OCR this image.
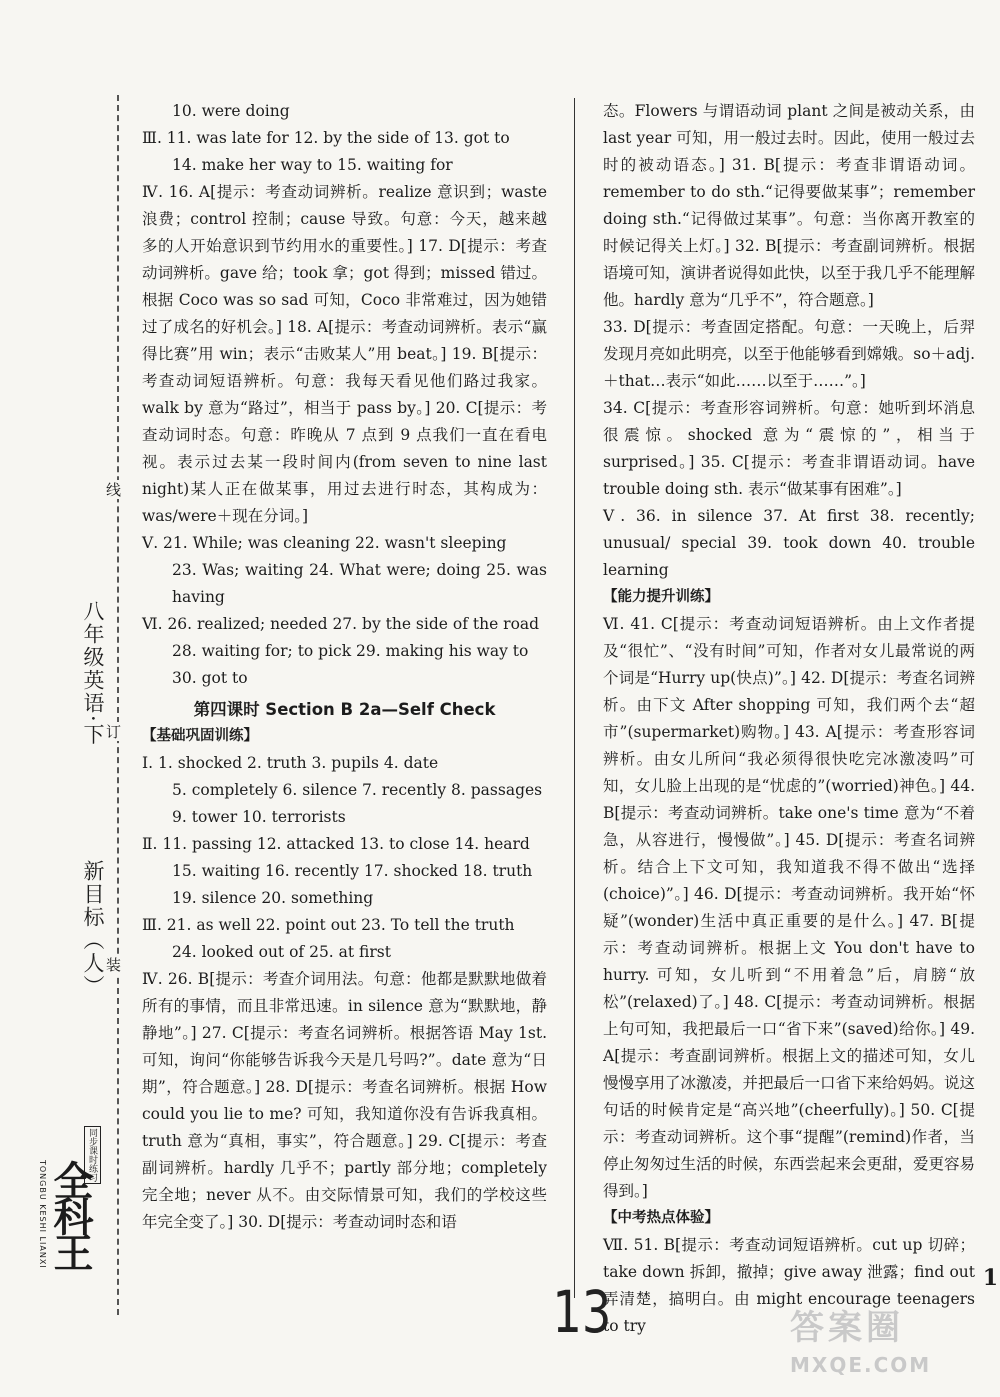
线
订
装
八年级英语·下
新目标（人）
同步课时练习
全科王
TONGBU KESHI LIANXI

10. were doing

Ⅲ. 11. was late for 12. by the side of 13. got to

14. make her way to 15. waiting for

Ⅳ. 16. A[提示：考查动词辨析。realize 意识到；waste 浪费；control 控制；cause 导致。句意：今天，越来越多的人开始意识到节约用水的重要性。] 17. D[提示：考查动词辨析。gave 给；took 拿；got 得到；missed 错过。根据 Coco was so sad 可知，Coco 非常难过，因为她错过了成名的好机会。] 18. A[提示：考查动词辨析。表示“赢得比赛”用 win；表示“击败某人”用 beat。] 19. B[提示：考查动词短语辨析。句意：我每天看见他们路过我家。walk by 意为“路过”，相当于 pass by。] 20. C[提示：考查动词时态。句意：昨晚从 7 点到 9 点我们一直在看电视。表示过去某一段时间内(from seven to nine last night)某人正在做某事，用过去进行时态，其构成为：was/were＋现在分词。]

Ⅴ. 21. While; was cleaning 22. wasn't sleeping

23. Was; waiting 24. What were; doing 25. was having

Ⅵ. 26. realized; needed 27. by the side of the road

28. waiting for; to pick 29. making his way to

30. got to

第四课时 Section B 2a—Self Check

【基础巩固训练】

Ⅰ. 1. shocked 2. truth 3. pupils 4. date

5. completely 6. silence 7. recently 8. passages

9. tower 10. terrorists

Ⅱ. 11. passing 12. attacked 13. to close 14. heard

15. waiting 16. recently 17. shocked 18. truth

19. silence 20. something

Ⅲ. 21. as well 22. point out 23. To tell the truth

24. looked out of 25. at first

Ⅳ. 26. B[提示：考查介词用法。句意：他都是默默地做着所有的事情，而且非常迅速。in silence 意为“默默地，静静地”。] 27. C[提示：考查名词辨析。根据答语 May 1st. 可知，询问“你能够告诉我今天是几号吗?”。date 意为“日期”，符合题意。] 28. D[提示：考查名词辨析。根据 How could you lie to me? 可知，我知道你没有告诉我真相。truth 意为“真相，事实”，符合题意。] 29. C[提示：考查副词辨析。hardly 几乎不；partly 部分地；completely 完全地；never 从不。由交际情景可知，我们的学校这些年完全变了。] 30. D[提示：考查动词时态和语

态。Flowers 与谓语动词 plant 之间是被动关系，由 last year 可知，用一般过去时。因此，使用一般过去时的被动语态。] 31. B[提示：考查非谓语动词。remember to do sth.“记得要做某事”；remember doing sth.“记得做过某事”。句意：当你离开教室的时候记得关上灯。] 32. B[提示：考查副词辨析。根据语境可知，演讲者说得如此快，以至于我几乎不能理解他。hardly 意为“几乎不”，符合题意。]

33. D[提示：考查固定搭配。句意：一天晚上，后羿发现月亮如此明亮，以至于他能够看到嫦娥。so＋adj.＋that…表示“如此……以至于……”。]

34. C[提示：考查形容词辨析。句意：她听到坏消息很震惊。shocked 意为“震惊的”，相当于 surprised。] 35. C[提示：考查非谓语动词。have trouble doing sth. 表示“做某事有困难”。]

Ⅴ. 36. in silence 37. At first 38. recently; unusual/ special 39. took down 40. trouble learning

【能力提升训练】

Ⅵ. 41. C[提示：考查动词短语辨析。由上文作者提及“很忙”、“没有时间”可知，作者对女儿最常说的两个词是“Hurry up(快点)”。] 42. D[提示：考查名词辨析。由下文 After shopping 可知，我们两个去“超市”(supermarket)购物。] 43. A[提示：考查形容词辨析。由女儿所问“我必须得很快吃完冰激凌吗”可知，女儿脸上出现的是“忧虑的”(worried)神色。] 44. B[提示：考查动词辨析。take one's time 意为“不着急，从容进行，慢慢做”。] 45. D[提示：考查名词辨析。结合上下文可知，我知道我不得不做出“选择(choice)”。] 46. D[提示：考查动词辨析。我开始“怀疑”(wonder)生活中真正重要的是什么。] 47. B[提示：考查动词辨析。根据上文 You don't have to hurry. 可知，女儿听到“不用着急”后，肩膀“放松”(relaxed)了。] 48. C[提示：考查动词辨析。根据上句可知，我把最后一口“省下来”(saved)给你。] 49. A[提示：考查副词辨析。根据上文的描述可知，女儿慢慢享用了冰激凌，并把最后一口省下来给妈妈。说这句话的时候肯定是“高兴地”(cheerfully)。] 50. C[提示：考查动词辨析。这个事“提醒”(remind)作者，当停止匆匆过生活的时候，东西尝起来会更甜，爱更容易得到。]

【中考热点体验】

Ⅶ. 51. B[提示：考查动词短语辨析。cut up 切碎；take down 拆卸，撤掉；give away 泄露；find out 弄清楚，搞明白。由 might encourage teenagers to try

13	1
答案圈
MXQE.COM
